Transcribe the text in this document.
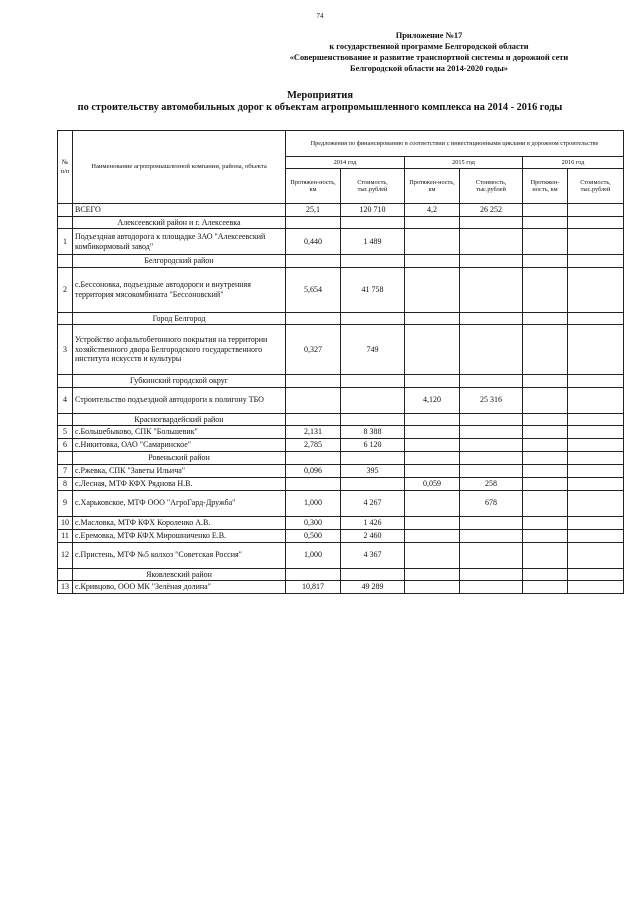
74
Приложение №17
к государственной программе Белгородской области
«Совершенствование и развитие транспортной системы и дорожной сети
Белгородской области на 2014-2020 годы»
Мероприятия
по строительству автомобильных дорог к объектам агропромышленного комплекса на 2014 - 2016 годы
№ п/п	Наименование агропромышленной компании, района, объекта	Предложения по финансированию в соответствии с инвестиционными циклами в дорожном строительстве					
		2014 год		2015 год		2016 год	
		Протяжен-ность, км	Стоимость, тыс.рублей	Протяжен-ность, км	Стоимость, тыс.рублей	Протяжен-ность, км	Стоимость, тыс.рублей
	ВСЕГО	25,1	120 710	4,2	26 252		
	Алексеевский район и г. Алексеевка						
1	Подъездная автодорога к площадке ЗАО "Алексеевский комбикормовый завод"	0,440	1 489				
	Белгородский район						
2	с.Бессоновка, подъездные автодороги и внутренняя территория мясокомбината "Бессоновский"	5,654	41 758				
	Город Белгород						
3	Устройство асфальтобетонного покрытия на территории хозяйственного двора Белгородского государственного института искусств и культуры	0,327	749				
	Губкинский городской округ						
4	Строительство подъездной автодороги к полигону ТБО			4,120	25 316		
	Красногвардейский район						
5	с.Большебыково, СПК "Большевик"	2,131	8 388				
6	с.Никитовка, ОАО "Самаринское"	2,785	6 120				
	Ровеньский район						
7	с.Ржевка, СПК "Заветы Ильича"	0,096	395				
8	с.Лесная, МТФ КФХ Ряднова Н.В.			0,059	258		
9	с.Харьковское, МТФ ООО "АгроГард-Дружба"	1,000	4 267		678		
10	с.Масловка, МТФ КФХ Короленко А.В.	0,300	1 426				
11	с.Еремовка, МТФ КФХ Мирошниченко Е.В.	0,500	2 460				
12	с.Пристень, МТФ №5 колхоз "Советская Россия"	1,000	4 367				
	Яковлевский район						
13	с.Кривцово, ООО МК "Зелёная долина"	10,817	49 289				
